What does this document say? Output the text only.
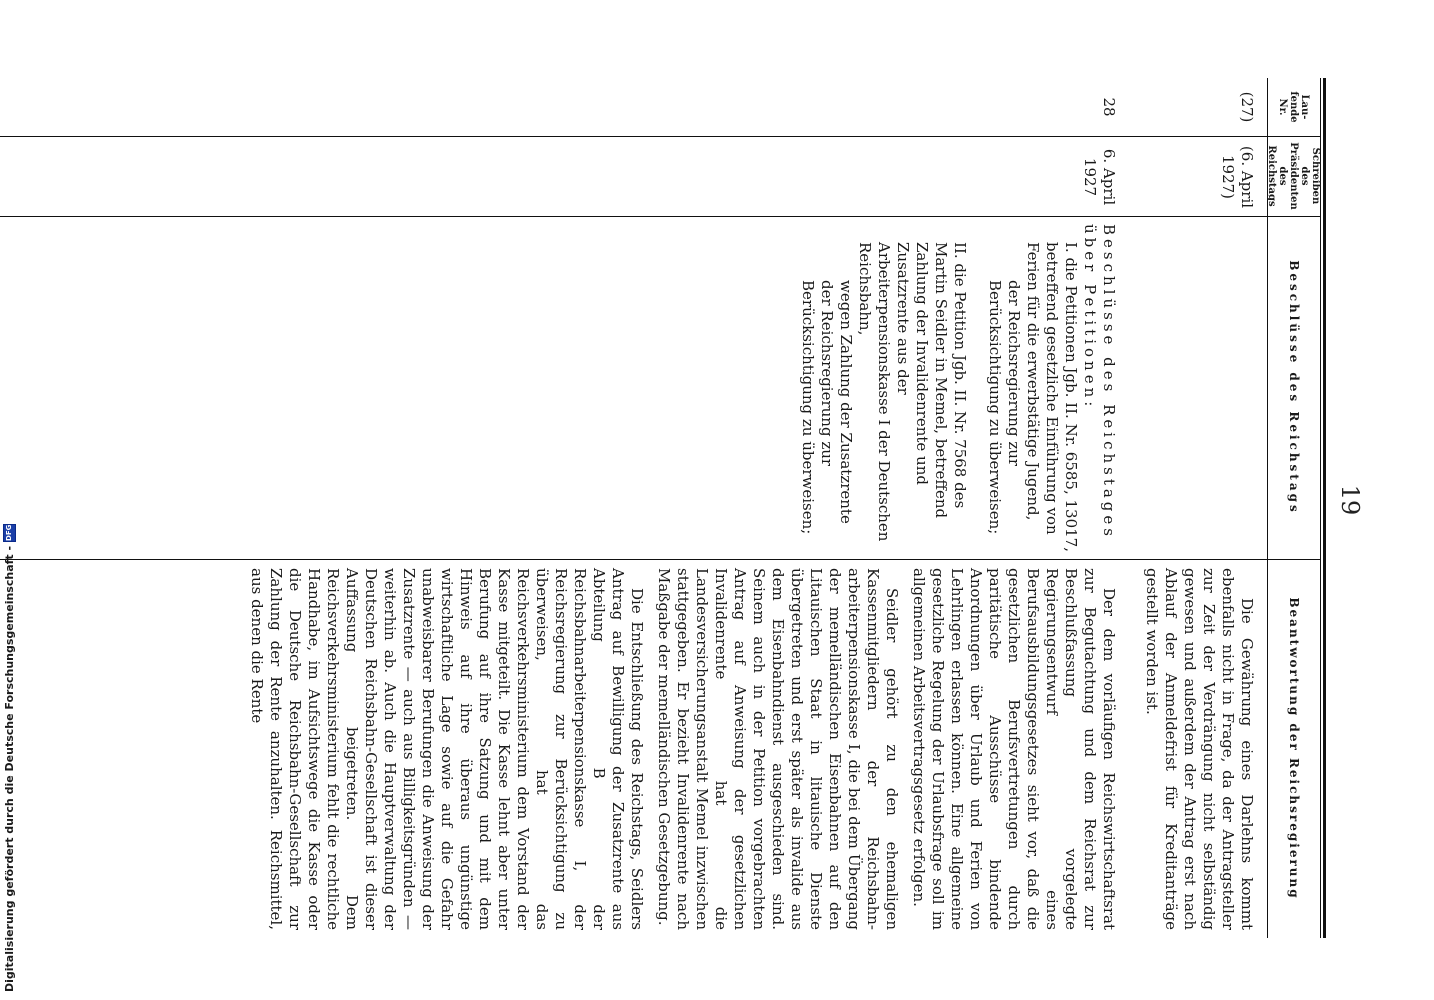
19
Lau-
fende
Nr.
Schreiben
des
Präsidenten
des
Reichstags
Beschlüsse des Reichstags
Beantwortung der Reichsregierung
(27)
(6. April
1927)
Die Gewährung eines Darlehns kommt ebenfalls nicht in Frage, da der Antragsteller zur Zeit der Verdrängung nicht selbständig gewesen und außerdem der Antrag erst nach Ablauf der Anmeldefrist für Kreditanträge gestellt worden ist.
28
6. April
1927

Beschlüsse des Reichstages über Petitionen:

I. die Petitionen Jgb. II. Nr. 6585, 13017, betreffend gesetzliche Einführung von Ferien für die erwerbstätige Jugend,

der Reichsregierung zur Berücksichtigung zu überweisen;

II. die Petition Jgb. II. Nr. 7568 des Martin Seidler in Memel, betreffend Zahlung der Invalidenrente und Zusatzrente aus der Arbeiterpensionskasse I der Deutschen Reichsbahn,

wegen Zahlung der Zusatzrente der Reichsregierung zur Berücksichtigung zu überweisen;

Der dem vorläufigen Reichswirtschaftsrat zur Begutachtung und dem Reichsrat zur Beschlußfassung vorgelegte Regierungsentwurf eines Berufsausbildungsgesetzes sieht vor, daß die gesetzlichen Berufsvertretungen durch paritätische Ausschüsse bindende Anordnungen über Urlaub und Ferien von Lehrlingen erlassen können. Eine allgemeine gesetzliche Regelung der Urlaubsfrage soll im allgemeinen Arbeitsvertragsgesetz erfolgen.

Seidler gehört zu den ehemaligen Kassenmitgliedern der Reichsbahn-arbeiterpensionskasse I, die bei dem Übergang der memelländischen Eisenbahnen auf den Litauischen Staat in litauische Dienste übergetreten und erst später als invalide aus dem Eisenbahndienst ausgeschieden sind. Seinem auch in der Petition vorgebrachten Antrag auf Anweisung der gesetzlichen Invalidenrente hat die Landesversicherungsanstalt Memel inzwischen stattgegeben. Er bezieht Invalidenrente nach Maßgabe der memelländischen Gesetzgebung.

Die Entschließung des Reichstags, Seidlers Antrag auf Bewilligung der Zusatzrente aus Abteilung B der Reichsbahnarbeiterpensionskasse I, der Reichsregierung zur Berücksichtigung zu überweisen, hat das Reichsverkehrsministerium dem Vorstand der Kasse mitgeteilt. Die Kasse lehnt aber unter Berufung auf ihre Satzung und mit dem Hinweis auf ihre überaus ungünstige wirtschaftliche Lage sowie auf die Gefahr unabweisbarer Berufungen die Anweisung der Zusatzrente — auch aus Billigkeitsgründen — weiterhin ab. Auch die Hauptverwaltung der Deutschen Reichsbahn-Gesellschaft ist dieser Auffassung beigetreten. Dem Reichsverkehrsministerium fehlt die rechtliche Handhabe, im Aufsichtswege die Kasse oder die Deutsche Reichsbahn-Gesellschaft zur Zahlung der Rente anzuhalten. Reichsmittel, aus denen die Rente

Digitalisierung gefördert durch die Deutsche Forschungsgemeinschaft -
DFG
